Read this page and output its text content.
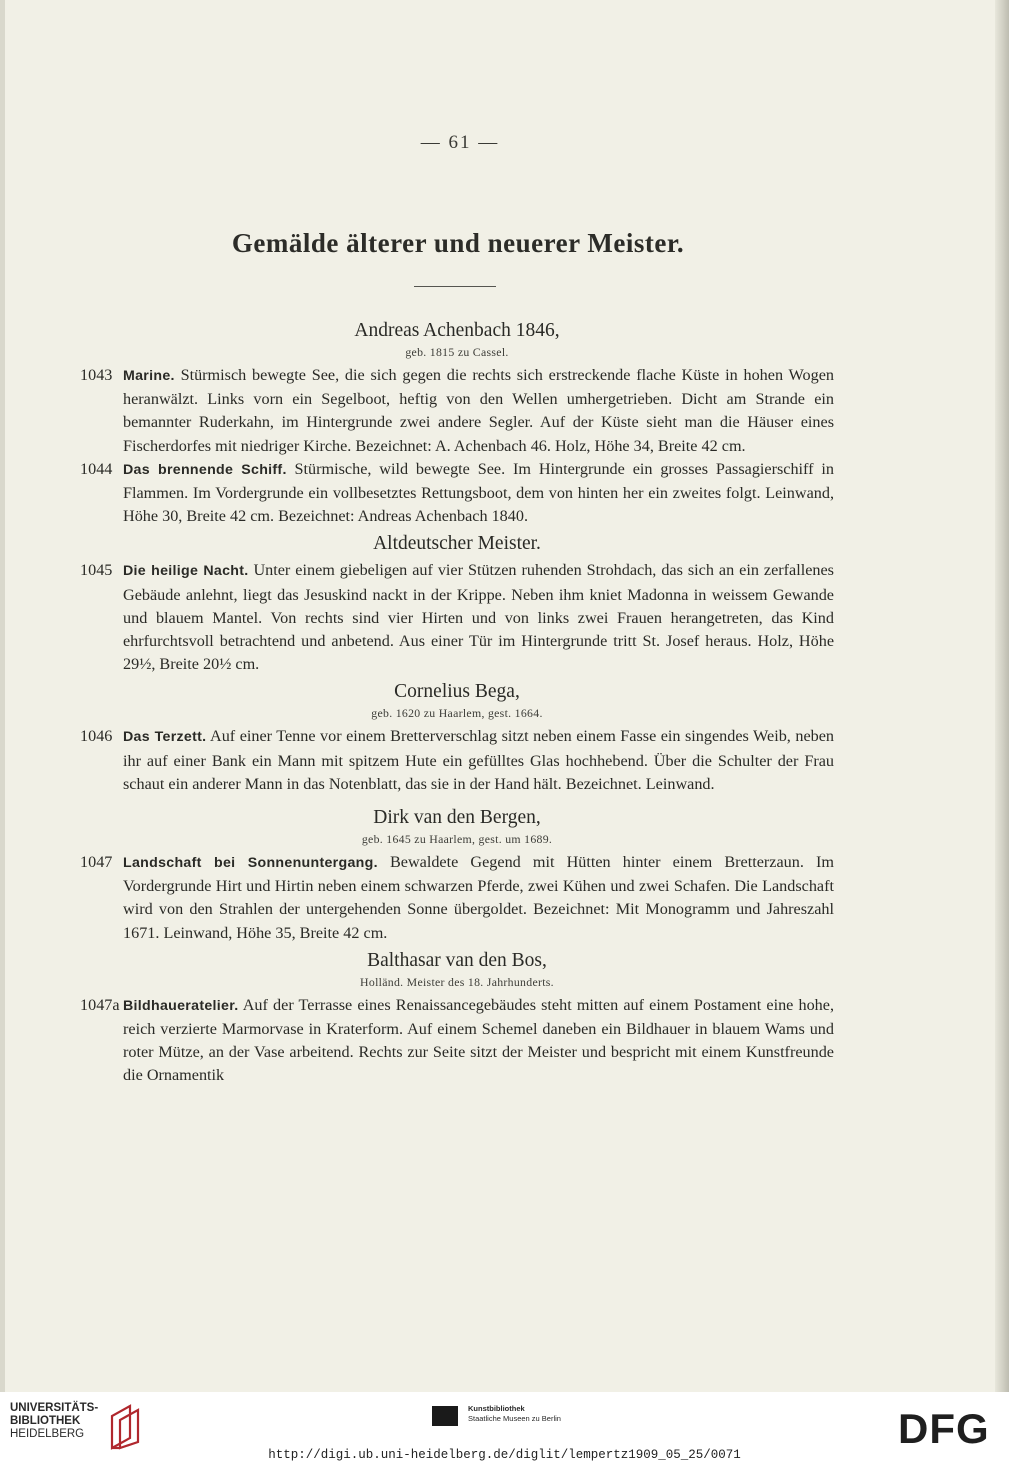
— 61 —
Gemälde älterer und neuerer Meister.
Andreas Achenbach 1846,
geb. 1815 zu Cassel.
1043 Marine. Stürmisch bewegte See, die sich gegen die rechts sich erstreckende flache Küste in hohen Wogen heranwälzt. Links vorn ein Segelboot, heftig von den Wellen umhergetrieben. Dicht am Strande ein bemannter Ruderkahn, im Hintergrunde zwei andere Segler. Auf der Küste sieht man die Häuser eines Fischerdorfes mit niedriger Kirche. Bezeichnet: A. Achenbach 46. Holz, Höhe 34, Breite 42 cm.
1044 Das brennende Schiff. Stürmische, wild bewegte See. Im Hintergrunde ein grosses Passagierschiff in Flammen. Im Vordergrunde ein vollbesetztes Rettungsboot, dem von hinten her ein zweites folgt. Leinwand, Höhe 30, Breite 42 cm. Bezeichnet: Andreas Achenbach 1840.
Altdeutscher Meister.
1045 Die heilige Nacht. Unter einem giebeligen auf vier Stützen ruhenden Strohdach, das sich an ein zerfallenes Gebäude anlehnt, liegt das Jesuskind nackt in der Krippe. Neben ihm kniet Madonna in weissem Gewande und blauem Mantel. Von rechts sind vier Hirten und von links zwei Frauen herangetreten, das Kind ehrfurchtsvoll betrachtend und anbetend. Aus einer Tür im Hintergrunde tritt St. Josef heraus. Holz, Höhe 29½, Breite 20½ cm.
Cornelius Bega,
geb. 1620 zu Haarlem, gest. 1664.
1046 Das Terzett. Auf einer Tenne vor einem Bretterverschlag sitzt neben einem Fasse ein singendes Weib, neben ihr auf einer Bank ein Mann mit spitzem Hute ein gefülltes Glas hochhebend. Über die Schulter der Frau schaut ein anderer Mann in das Notenblatt, das sie in der Hand hält. Bezeichnet. Leinwand.
Dirk van den Bergen,
geb. 1645 zu Haarlem, gest. um 1689.
1047 Landschaft bei Sonnenuntergang. Bewaldete Gegend mit Hütten hinter einem Bretterzaun. Im Vordergrunde Hirt und Hirtin neben einem schwarzen Pferde, zwei Kühen und zwei Schafen. Die Landschaft wird von den Strahlen der untergehenden Sonne übergoldet. Bezeichnet: Mit Monogramm und Jahreszahl 1671. Leinwand, Höhe 35, Breite 42 cm.
Balthasar van den Bos,
Holländ. Meister des 18. Jahrhunderts.
1047a Bildhaueratelier. Auf der Terrasse eines Renaissancegebäudes steht mitten auf einem Postament eine hohe, reich verzierte Marmorvase in Kraterform. Auf einem Schemel daneben ein Bildhauer in blauem Wams und roter Mütze, an der Vase arbeitend. Rechts zur Seite sitzt der Meister und bespricht mit einem Kunstfreunde die Ornamentik
UNIVERSITÄTS-
BIBLIOTHEK
HEIDELBERG
Kunstbibliothek
Staatliche Museen zu Berlin	DFG
http://digi.ub.uni-heidelberg.de/diglit/lempertz1909_05_25/0071
